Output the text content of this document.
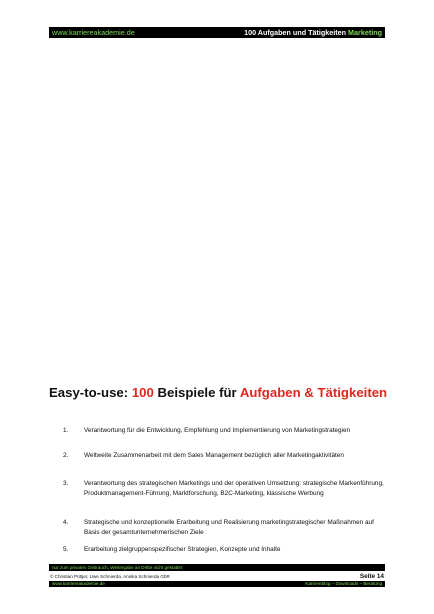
www.karriereakademie.de	100 Aufgaben und Tätigkeiten Marketing
Easy-to-use: 100 Beispiele für Aufgaben & Tätigkeiten
1. Verantwortung für die Entwicklung, Empfehlung und Implementierung von Marketingstrategien
2. Weltweite Zusammenarbeit mit dem Sales Management bezüglich aller Marketingaktivitäten
3. Verantwortung des strategischen Marketings und der operativen Umsetzung: strategische Markenführung, Produktmanagement-Führung, Marktforschung, B2C-Marketing, klassische Werbung
4. Strategische und konzeptionelle Erarbeitung und Realisierung marketingstrategischer Maßnahmen auf Basis der gesamtunternehmerischen Ziele
5. Erarbeitung zielgruppenspezifischer Strategien, Konzepte und Inhalte
nur zum privaten Gebrauch, Weitergabe an Dritte nicht gestattet
© Christian Püttjer, Uwe Schnierda, Annika Schnierda GbR	Seite 14
www.karriereakademie.de	Karriereblog – Downloads – Beratung
